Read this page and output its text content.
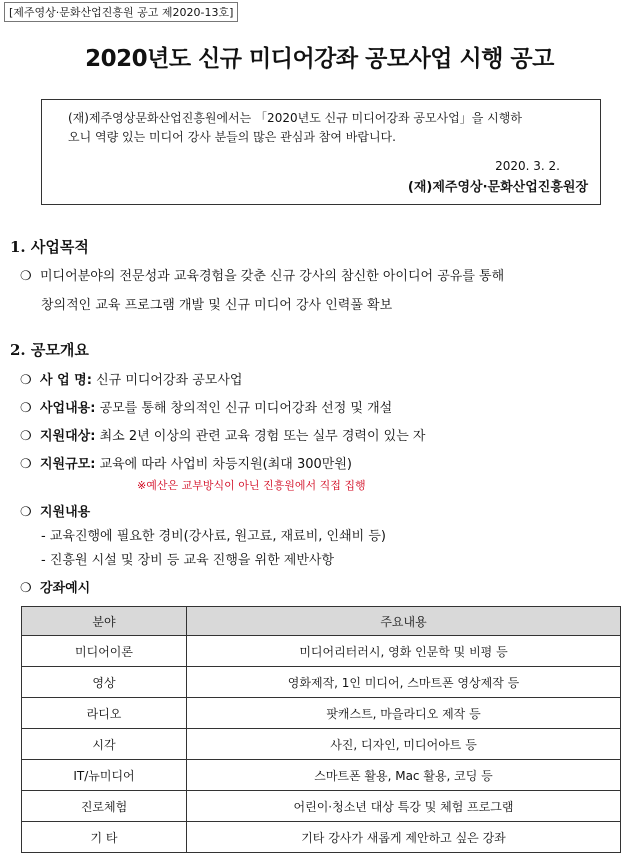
[제주영상·문화산업진흥원 공고 제2020-13호]
2020년도 신규 미디어강좌 공모사업 시행 공고
(재)제주영상문화산업진흥원에서는 「2020년도 신규 미디어강좌 공모사업」을 시행하
오니 역량 있는 미디어 강사 분들의 많은 관심과 참여 바랍니다.
2020. 3. 2.
(재)제주영상·문화산업진흥원장
1. 사업목적
❍ 미디어분야의 전문성과 교육경험을 갖춘 신규 강사의 참신한 아이디어 공유를 통해
창의적인 교육 프로그램 개발 및 신규 미디어 강사 인력풀 확보
2. 공모개요
❍ 사 업 명: 신규 미디어강좌 공모사업
❍ 사업내용: 공모를 통해 창의적인 신규 미디어강좌 선정 및 개설
❍ 지원대상: 최소 2년 이상의 관련 교육 경험 또는 실무 경력이 있는 자
❍ 지원규모: 교육에 따라 사업비 차등지원(최대 300만원)
※예산은 교부방식이 아닌 진흥원에서 직접 집행
❍ 지원내용
- 교육진행에 필요한 경비(강사료, 원고료, 재료비, 인쇄비 등)
- 진흥원 시설 및 장비 등 교육 진행을 위한 제반사항
❍ 강좌예시
분야	주요내용
미디어이론	미디어리터러시, 영화 인문학 및 비평 등
영상	영화제작, 1인 미디어, 스마트폰 영상제작 등
라디오	팟캐스트, 마을라디오 제작 등
시각	사진, 디자인, 미디어아트 등
IT/뉴미디어	스마트폰 활용, Mac 활용, 코딩 등
진로체험	어린이·청소년 대상 특강 및 체험 프로그램
기 타	기타 강사가 새롭게 제안하고 싶은 강좌
